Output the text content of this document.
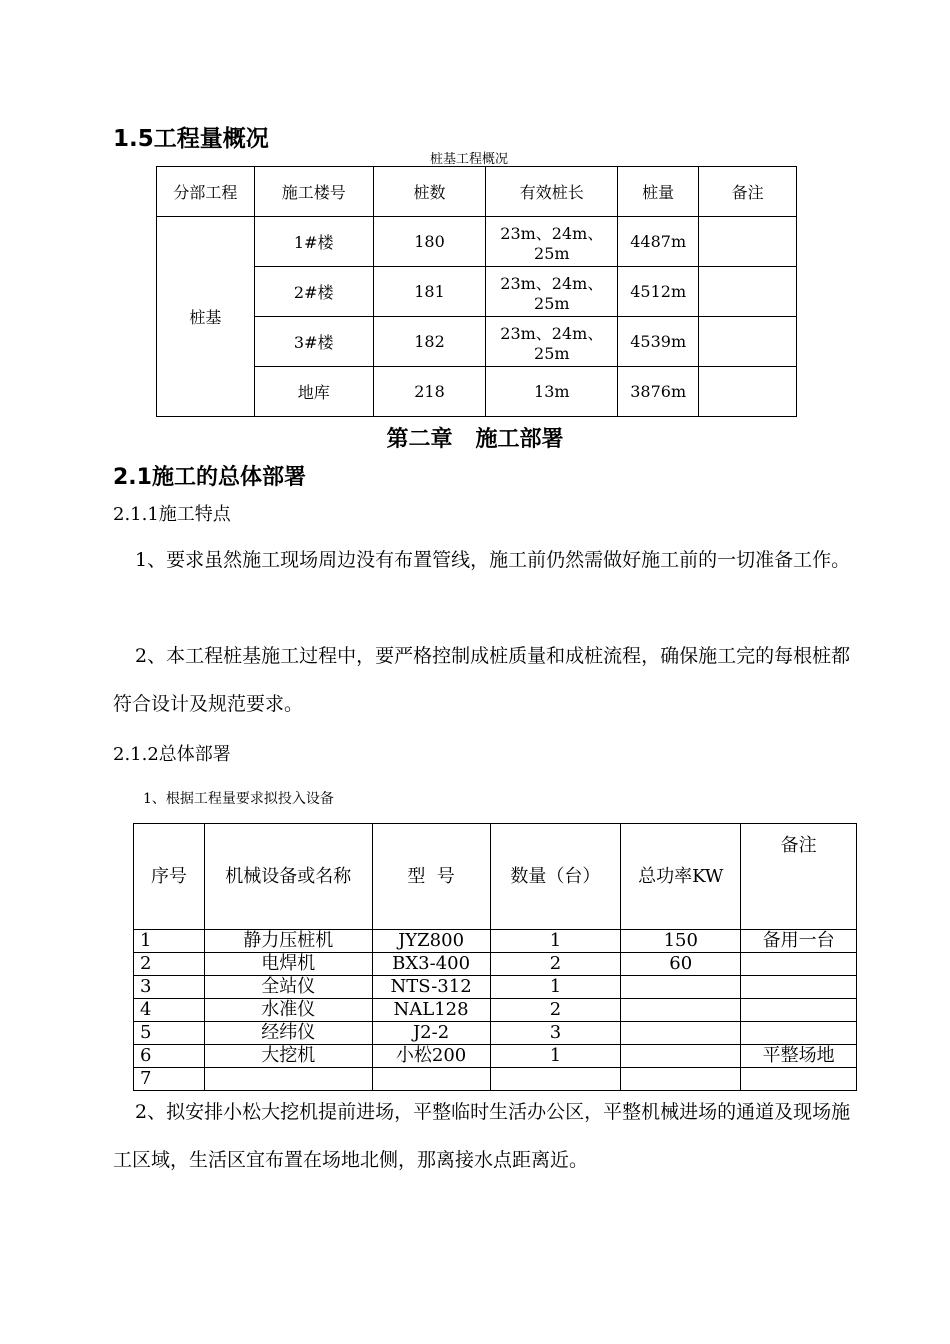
1.5工程量概况
桩基工程概况
分部工程	施工楼号	桩数	有效桩长	桩量	备注
桩基	1#楼	180	23m、24m、25m	4487m	
	2#楼	181	23m、24m、25m	4512m	
	3#楼	182	23m、24m、25m	4539m	
	地库	218	13m	3876m	
第二章   施工部署
2.1施工的总体部署
2.1.1施工特点
1、要求虽然施工现场周边没有布置管线，施工前仍然需做好施工前的一切准备工作。
2、本工程桩基施工过程中，要严格控制成桩质量和成桩流程，确保施工完的每根桩都符合设计及规范要求。
2.1.2总体部署
1、根据工程量要求拟投入设备
序号	机械设备或名称	型  号	数量（台）	总功率KW	备注
1	静力压桩机	JYZ800	1	150	备用一台
2	电焊机	BX3-400	2	60	
3	全站仪	NTS-312	1		
4	水准仪	NAL128	2		
5	经纬仪	J2-2	3		
6	大挖机	小松200	1		平整场地
7					
2、拟安排小松大挖机提前进场，平整临时生活办公区，平整机械进场的通道及现场施工区域，生活区宜布置在场地北侧，那离接水点距离近。
